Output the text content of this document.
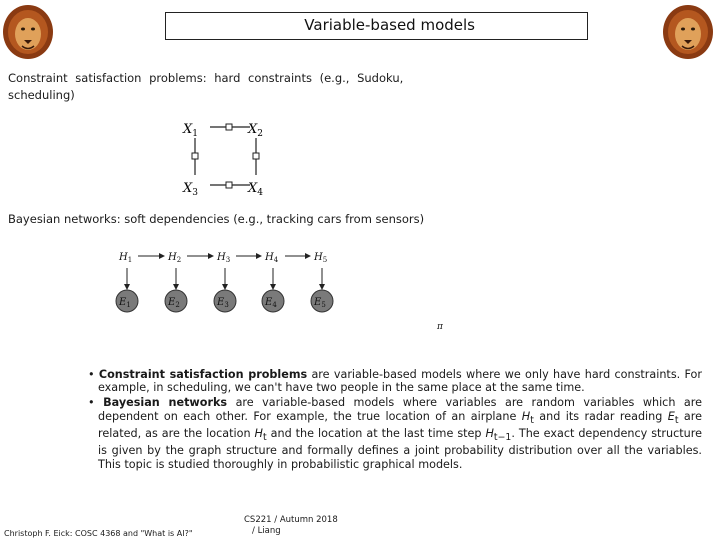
Variable-based models
Constraint satisfaction problems: hard constraints (e.g., Sudoku,
scheduling)
$X_1$	$X_2$
$X_3$	$X_4$
Bayesian networks: soft dependencies (e.g., tracking cars from sensors)
$H_1$	$H_2$	$H_3$	$H_4$	$H_5$
$E_1$	$E_2$	$E_3$	$E_4$	$E_5$
π

• Constraint satisfaction problems are variable-based models where we only have hard constraints. For example, in scheduling, we can't have two people in the same place at the same time.

• Bayesian networks are variable-based models where variables are random variables which are dependent on each other. For example, the true location of an airplane $H_t$ and its radar reading $E_t$ are related, as are the location $H_t$ and the location at the last time step $H_{t-1}$. The exact dependency structure is given by the graph structure and formally defines a joint probability distribution over all the variables. This topic is studied thoroughly in probabilistic graphical models.

Christoph F. Eick: COSC 4368 and "What is AI?"
CS221 / Autumn 2018
/ Liang
